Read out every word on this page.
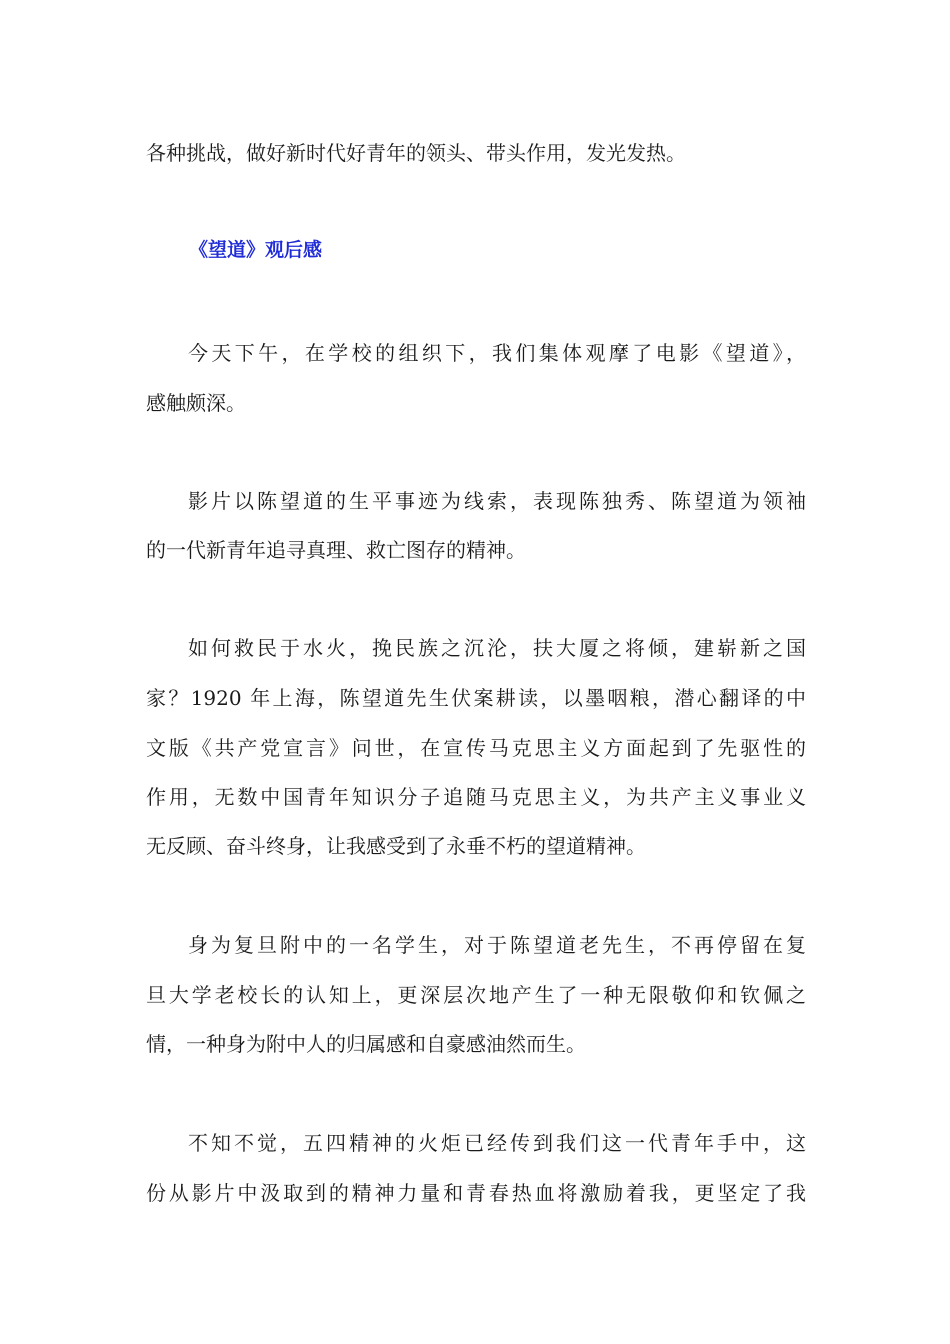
各种挑战，做好新时代好青年的领头、带头作用，发光发热。
《望道》观后感
今天下午，在学校的组织下，我们集体观摩了电影《望道》，
感触颇深。
影片以陈望道的生平事迹为线索，表现陈独秀、陈望道为领袖
的一代新青年追寻真理、救亡图存的精神。
如何救民于水火，挽民族之沉沦，扶大厦之将倾，建崭新之国
家？1920 年上海，陈望道先生伏案耕读，以墨咽粮，潜心翻译的中
文版《共产党宣言》问世，在宣传马克思主义方面起到了先驱性的
作用，无数中国青年知识分子追随马克思主义，为共产主义事业义
无反顾、奋斗终身，让我感受到了永垂不朽的望道精神。
身为复旦附中的一名学生，对于陈望道老先生，不再停留在复
旦大学老校长的认知上，更深层次地产生了一种无限敬仰和钦佩之
情，一种身为附中人的归属感和自豪感油然而生。
不知不觉，五四精神的火炬已经传到我们这一代青年手中，这
份从影片中汲取到的精神力量和青春热血将激励着我，更坚定了我
